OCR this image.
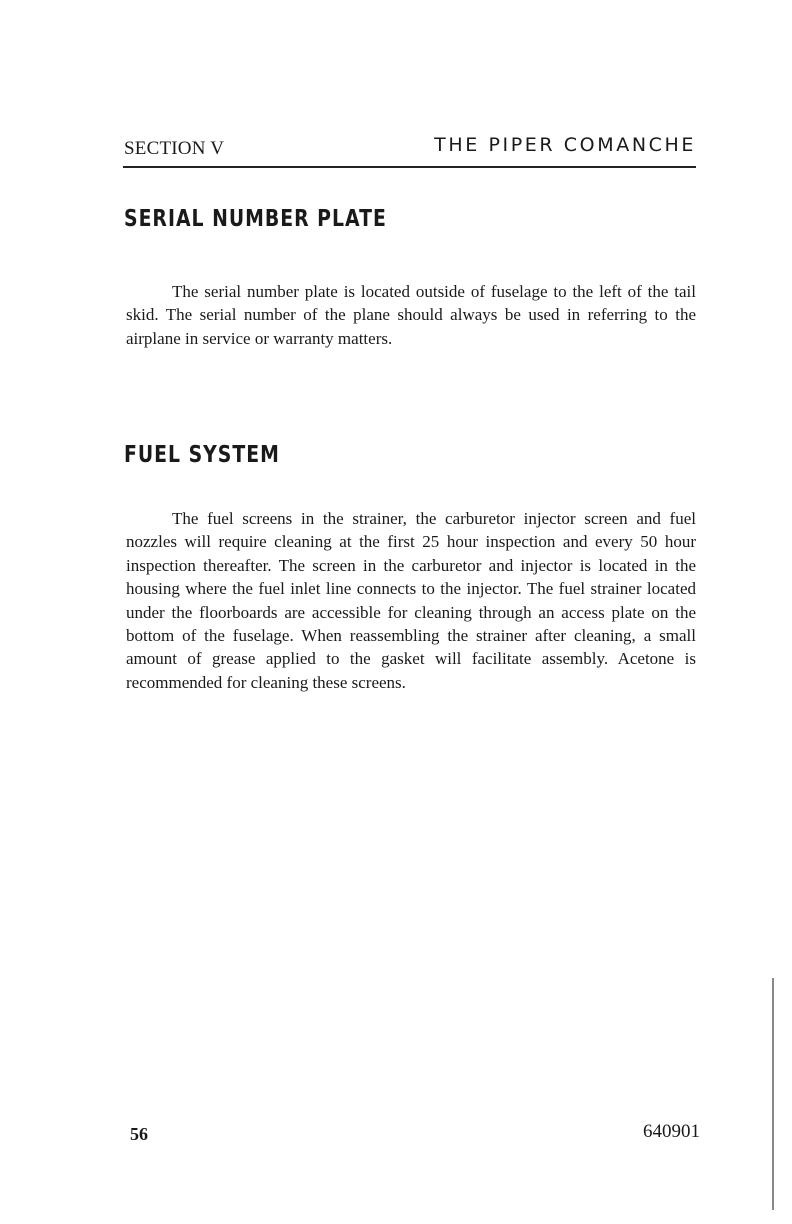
SECTION V	THE PIPER COMANCHE
SERIAL NUMBER PLATE

The serial number plate is located outside of fuselage to the left of the tail skid. The serial number of the plane should always be used in referring to the airplane in service or warranty matters.

FUEL SYSTEM

The fuel screens in the strainer, the carburetor injector screen and fuel nozzles will require cleaning at the first 25 hour inspection and every 50 hour inspection thereafter. The screen in the carburetor and injector is located in the housing where the fuel inlet line connects to the injector. The fuel strainer located under the floorboards are accessible for cleaning through an access plate on the bottom of the fuselage. When reassembling the strainer after cleaning, a small amount of grease applied to the gasket will facilitate assembly. Acetone is recommended for cleaning these screens.

56	640901
